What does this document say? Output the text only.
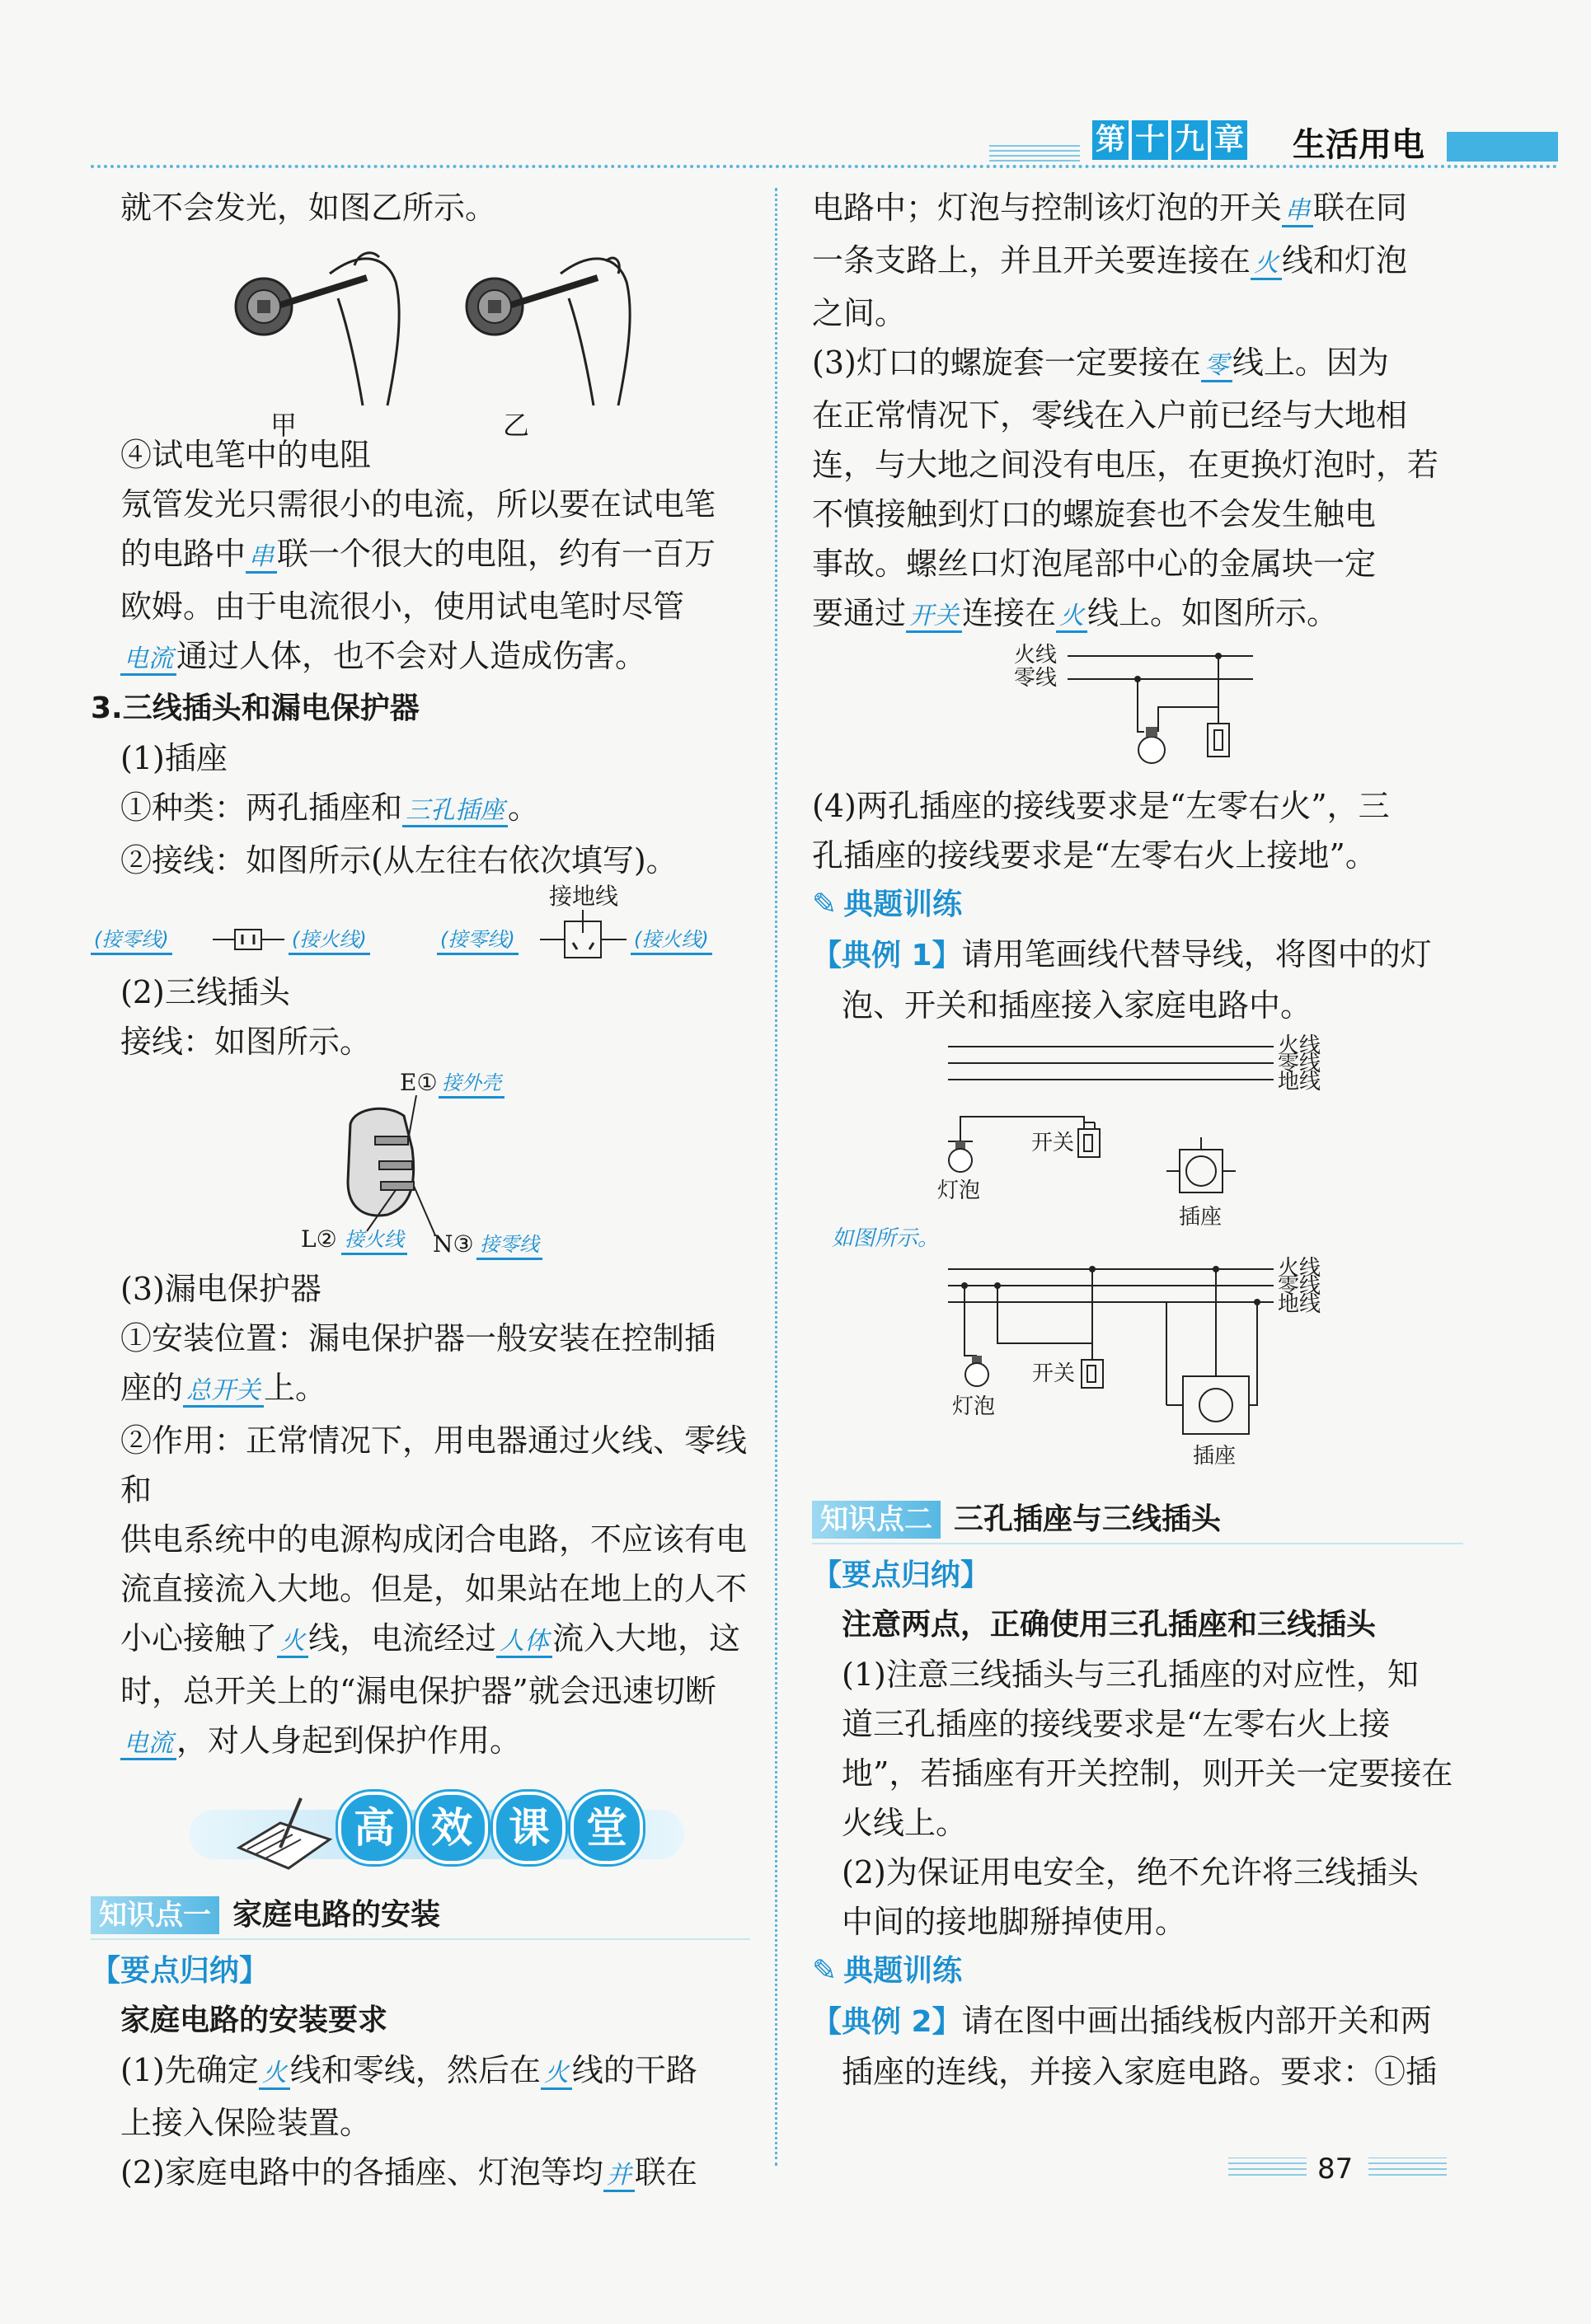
第 十 九 章 生活用电

就不会发光，如图乙所示。

甲	乙

④试电笔中的电阻

氖管发光只需很小的电流，所以要在试电笔

的电路中 串 联一个很大的电阻，约有一百万

欧姆。由于电流很小，使用试电笔时尽管

电流 通过人体，也不会对人造成伤害。

3.三线插头和漏电保护器

(1)插座

①种类：两孔插座和 三孔插座 。

②接线：如图所示(从左往右依次填写)。

接地线
(接零线)	(接火线)	(接零线)	(接火线)

(2)三线插头

接线：如图所示。

E① 接外壳
L② 接火线 N③ 接零线

(3)漏电保护器

①安装位置：漏电保护器一般安装在控制插

座的 总开关 上。

②作用：正常情况下，用电器通过火线、零线和

供电系统中的电源构成闭合电路，不应该有电

流直接流入大地。但是，如果站在地上的人不

小心接触了 火 线，电流经过 人体 流入大地，这

时，总开关上的“漏电保护器”就会迅速切断

电流 ，对人身起到保护作用。

高 效 课 堂
知识点一 家庭电路的安装

【要点归纳】

家庭电路的安装要求

(1)先确定 火 线和零线，然后在 火 线的干路

上接入保险装置。

(2)家庭电路中的各插座、灯泡等均 并 联在

电路中；灯泡与控制该灯泡的开关 串 联在同

一条支路上，并且开关要连接在 火 线和灯泡

之间。

(3)灯口的螺旋套一定要接在 零 线上。因为

在正常情况下，零线在入户前已经与大地相

连，与大地之间没有电压，在更换灯泡时，若

不慎接触到灯口的螺旋套也不会发生触电

事故。螺丝口灯泡尾部中心的金属块一定

要通过 开关 连接在 火 线上。如图所示。

火线
零线

(4)两孔插座的接线要求是“左零右火”，三

孔插座的接线要求是“左零右火上接地”。

✎ 典题训练

【典例 1】请用笔画线代替导线，将图中的灯

泡、开关和插座接入家庭电路中。

火线
零线
地线
开关
灯泡
插座
如图所示。
火线
零线
地线
开关
灯泡
插座
知识点二 三孔插座与三线插头

【要点归纳】

注意两点，正确使用三孔插座和三线插头

(1)注意三线插头与三孔插座的对应性，知

道三孔插座的接线要求是“左零右火上接

地”，若插座有开关控制，则开关一定要接在

火线上。

(2)为保证用电安全，绝不允许将三线插头

中间的接地脚掰掉使用。

✎ 典题训练

【典例 2】请在图中画出插线板内部开关和两

插座的连线，并接入家庭电路。要求：①插

87
